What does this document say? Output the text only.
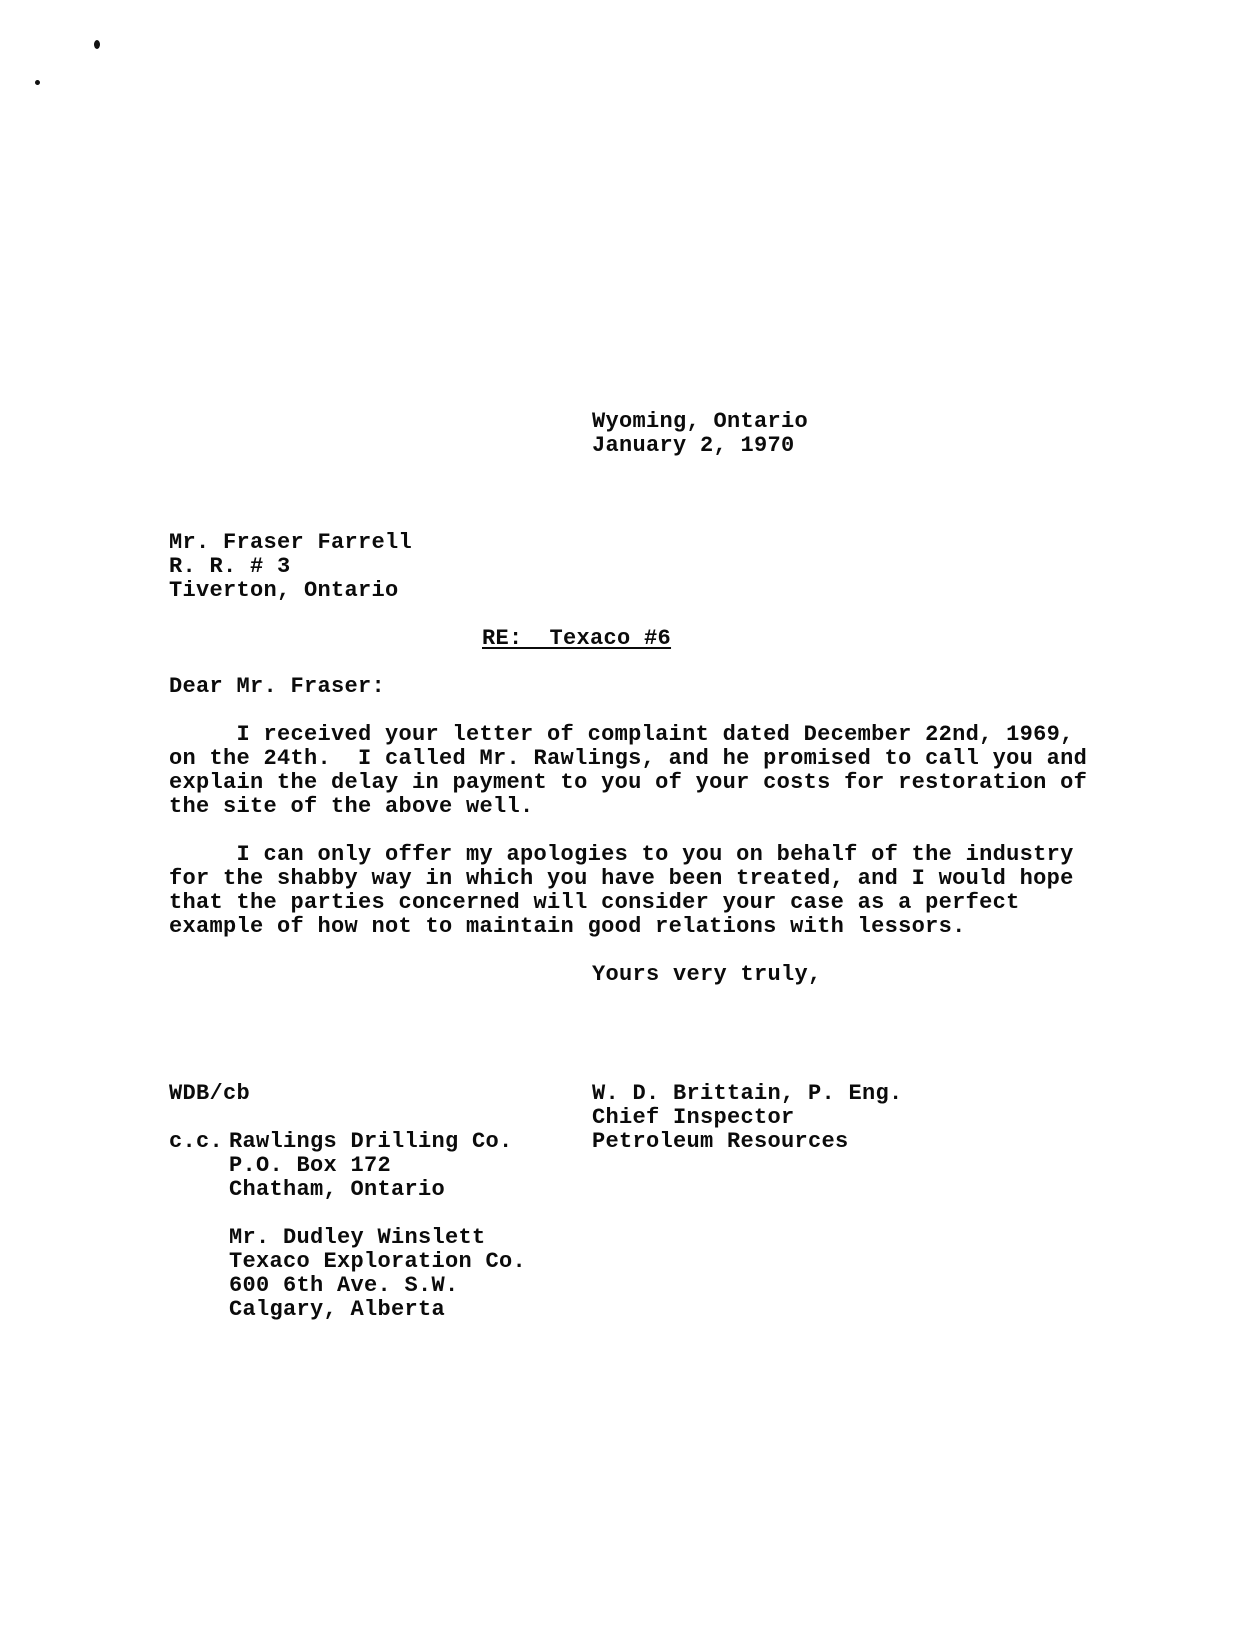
Wyoming, Ontario
January 2, 1970
Mr. Fraser Farrell
R. R. # 3
Tiverton, Ontario
RE:  Texaco #6
Dear Mr. Fraser:
I received your letter of complaint dated December 22nd, 1969,
on the 24th.  I called Mr. Rawlings, and he promised to call you and
explain the delay in payment to you of your costs for restoration of
the site of the above well.
I can only offer my apologies to you on behalf of the industry
for the shabby way in which you have been treated, and I would hope
that the parties concerned will consider your case as a perfect
example of how not to maintain good relations with lessors.
Yours very truly,
WDB/cb	W. D. Brittain, P. Eng.
Chief Inspector
Petroleum Resources
c.c. Rawlings Drilling Co.
P.O. Box 172
Chatham, Ontario
Mr. Dudley Winslett
Texaco Exploration Co.
600 6th Ave. S.W.
Calgary, Alberta
